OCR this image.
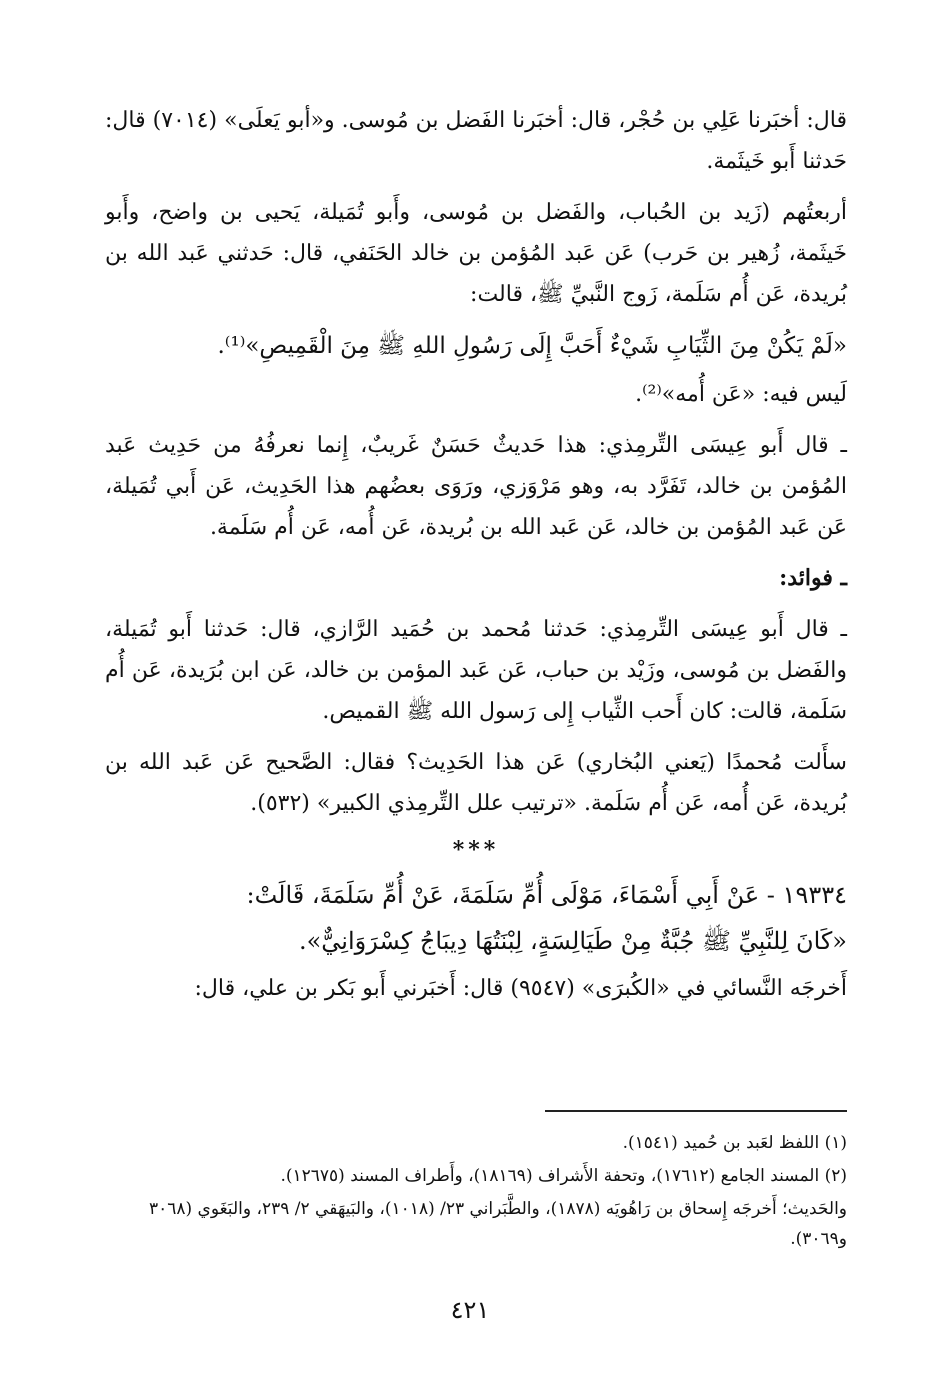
قال: أخبَرنا عَلِي بن حُجْر، قال: أخبَرنا الفَضل بن مُوسى. و«أبو يَعلَى» (٧٠١٤) قال: حَدثنا أَبو خَيثَمة.

أربعتُهم (زَيد بن الحُباب، والفَضل بن مُوسى، وأَبو تُمَيلة، يَحيى بن واضح، وأَبو خَيثَمة، زُهير بن حَرب) عَن عَبد المُؤمن بن خالد الحَنَفي، قال: حَدثني عَبد الله بن بُريدة، عَن أُم سَلَمة، زَوج النَّبيِّ ﷺ، قالت:

«لَمْ يَكُنْ مِنَ الثِّيَابِ شَيْءٌ أَحَبَّ إِلَى رَسُولِ اللهِ ﷺ مِنَ الْقَمِيصِ»⁽¹⁾.

لَيس فيه: «عَن أُمه»⁽²⁾.

ـ قال أَبو عِيسَى التِّرمِذي: هذا حَديثٌ حَسَنٌ غَريبٌ، إِنما نعرفُهُ من حَدِيث عَبد المُؤمن بن خالد، تَفَرَّد به، وهو مَرْوَزي، ورَوَى بعضُهم هذا الحَدِيث، عَن أَبي تُمَيلة، عَن عَبد المُؤمن بن خالد، عَن عَبد الله بن بُريدة، عَن أُمه، عَن أُم سَلَمة.

ـ فوائد:

ـ قال أَبو عِيسَى التِّرمِذي: حَدثنا مُحمد بن حُمَيد الرَّازي، قال: حَدثنا أَبو تُمَيلة، والفَضل بن مُوسى، وزَيْد بن حباب، عَن عَبد المؤمن بن خالد، عَن ابن بُرَيدة، عَن أُم سَلَمة، قالت: كان أَحب الثِّياب إِلى رَسول الله ﷺ القميص.

سأَلت مُحمدًا (يَعني البُخاري) عَن هذا الحَدِيث؟ فقال: الصَّحيح عَن عَبد الله بن بُريدة، عَن أُمه، عَن أُم سَلَمة. «ترتيب علل التِّرمِذي الكبير» (٥٣٢).

***

١٩٣٣٤ - عَنْ أَبِي أَسْمَاءَ، مَوْلَى أُمِّ سَلَمَةَ، عَنْ أُمِّ سَلَمَةَ، قَالَتْ:

«كَانَ لِلنَّبِيِّ ﷺ جُبَّةٌ مِنْ طَيَالِسَةٍ، لِبْنَتُهَا دِيبَاجُ كِسْرَوَانِيٌّ».

أَخرجَه النَّسائي في «الكُبرَى» (٩٥٤٧) قال: أَخبَرني أَبو بَكر بن علي، قال:

(١) اللفظ لعَبد بن حُميد (١٥٤١).

(٢) المسند الجامع (١٧٦١٢)، وتحفة الأَشراف (١٨١٦٩)، وأَطراف المسند (١٢٦٧٥).

والحَديث؛ أَخرجَه إِسحاق بن رَاهُويَه (١٨٧٨)، والطَّبَراني ٢٣/ (١٠١٨)، والبَيهَقي ٢/ ٢٣٩، والبَغَوي (٣٠٦٨ و٣٠٦٩).

٤٢١
